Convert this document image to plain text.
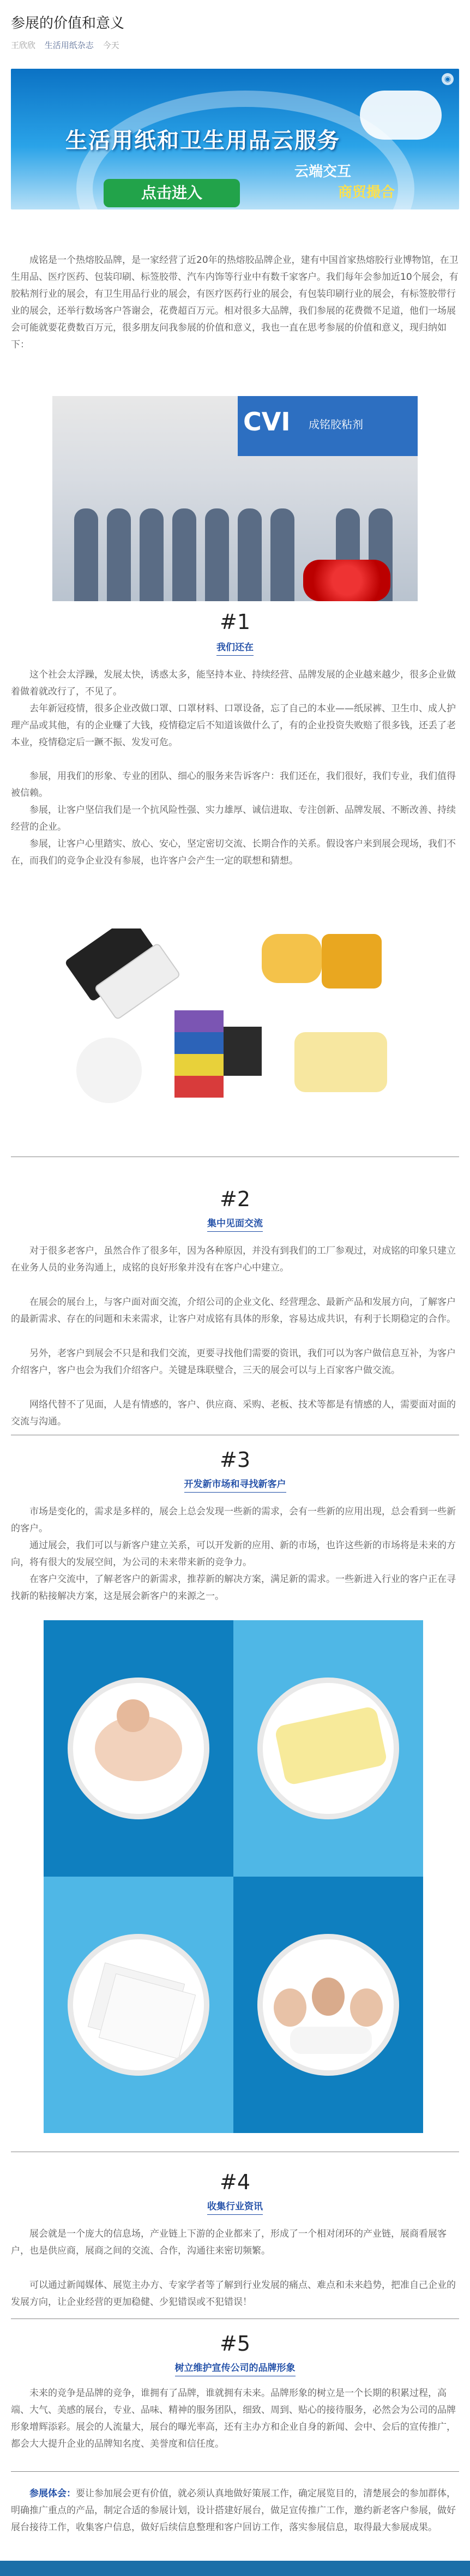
参展的价值和意义
王欣欣 生活用纸杂志 今天
生活用纸和卫生用品云服务
点击进入
云端交互
商贸撮合
◉

成铭是一个热熔胶品牌，是一家经营了近20年的热熔胶品牌企业，建有中国首家热熔胶行业博物馆，在卫生用品、医疗医药、包装印刷、标签胶带、汽车内饰等行业中有数千家客户。我们每年会参加近10个展会，有胶粘剂行业的展会，有卫生用品行业的展会，有医疗医药行业的展会，有包装印刷行业的展会，有标签胶带行业的展会，还举行数场客户答谢会，花费超百万元。相对很多大品牌，我们参展的花费微不足道，他们一场展会可能就要花费数百万元，很多朋友问我参展的价值和意义，我也一直在思考参展的价值和意义，现归纳如下：

CVI 成铭胶粘剂
#1
我们还在

这个社会太浮躁，发展太快，诱惑太多，能坚持本业、持续经营、品牌发展的企业越来越少，很多企业做着做着就改行了，不见了。

去年新冠疫情，很多企业改做口罩、口罩材料、口罩设备，忘了自己的本业——纸尿裤、卫生巾、成人护理产品或其他，有的企业赚了大钱，疫情稳定后不知道该做什么了，有的企业投资失败赔了很多钱，还丢了老本业，疫情稳定后一蹶不振、发发可危。

参展，用我们的形象、专业的团队、细心的服务来告诉客户：我们还在，我们很好，我们专业，我们值得被信赖。

参展，让客户坚信我们是一个抗风险性强、实力雄厚、诚信进取、专注创新、品牌发展、不断改善、持续经营的企业。

参展，让客户心里踏实、放心、安心，坚定密切交流、长期合作的关系。假设客户来到展会现场，我们不在，而我们的竞争企业没有参展，也许客户会产生一定的联想和猜想。

#2
集中见面交流

对于很多老客户，虽然合作了很多年，因为各种原因，并没有到我们的工厂参观过，对成铭的印象只建立在业务人员的业务沟通上，成铭的良好形象并没有在客户心中建立。

在展会的展台上，与客户面对面交流，介绍公司的企业文化、经营理念、最新产品和发展方向，了解客户的最新需求、存在的问题和未来需求，让客户对成铭有具体的形象，容易达成共识，有利于长期稳定的合作。

另外，老客户到展会不只是和我们交流，更要寻找他们需要的资讯，我们可以为客户做信息互补，为客户介绍客户，客户也会为我们介绍客户。关键是珠联璧合，三天的展会可以与上百家客户做交流。

网络代替不了见面，人是有情感的，客户、供应商、采购、老板、技术等都是有情感的人，需要面对面的交流与沟通。

#3
开发新市场和寻找新客户

市场是变化的，需求是多样的，展会上总会发现一些新的需求，会有一些新的应用出现，总会看到一些新的客户。

通过展会，我们可以与新客户建立关系，可以开发新的应用、新的市场，也许这些新的市场将是未来的方向，将有很大的发展空间，为公司的未来带来新的竞争力。

在客户交流中，了解老客户的新需求，推荐新的解决方案，满足新的需求。一些新进入行业的客户正在寻找新的粘接解决方案，这是展会新客户的来源之一。

#4
收集行业资讯

展会就是一个庞大的信息场，产业链上下游的企业都来了，形成了一个相对闭环的产业链，展商看展客户，也是供应商，展商之间的交流、合作，沟通往来密切频繁。

可以通过新闻媒体、展览主办方、专家学者等了解到行业发展的痛点、难点和未来趋势，把准自己企业的发展方向，让企业经营的更加稳健、少犯错误或不犯错误！

#5
树立维护宣传公司的品牌形象

未来的竞争是品牌的竞争，谁拥有了品牌，谁就拥有未来。品牌形象的树立是一个长期的积累过程，高端、大气、美感的展台，专业、品味、精神的服务团队，细致、周到、贴心的接待服务，必然会为公司的品牌形象增辉添彩。展会的人流量大，展台的曝光率高，还有主办方和企业自身的新闻、会中、会后的宣传推广，都会大大提升企业的品牌知名度、美誉度和信任度。

参展体会：要让参加展会更有价值，就必须认真地做好策展工作，确定展览目的，清楚展会的参加群体，明确推广重点的产品，制定合适的参展计划，设计搭建好展台，做足宣传推广工作，邀约新老客户参展，做好展台接待工作，收集客户信息，做好后续信息整理和客户回访工作，落实参展信息，取得最大参展成果。
